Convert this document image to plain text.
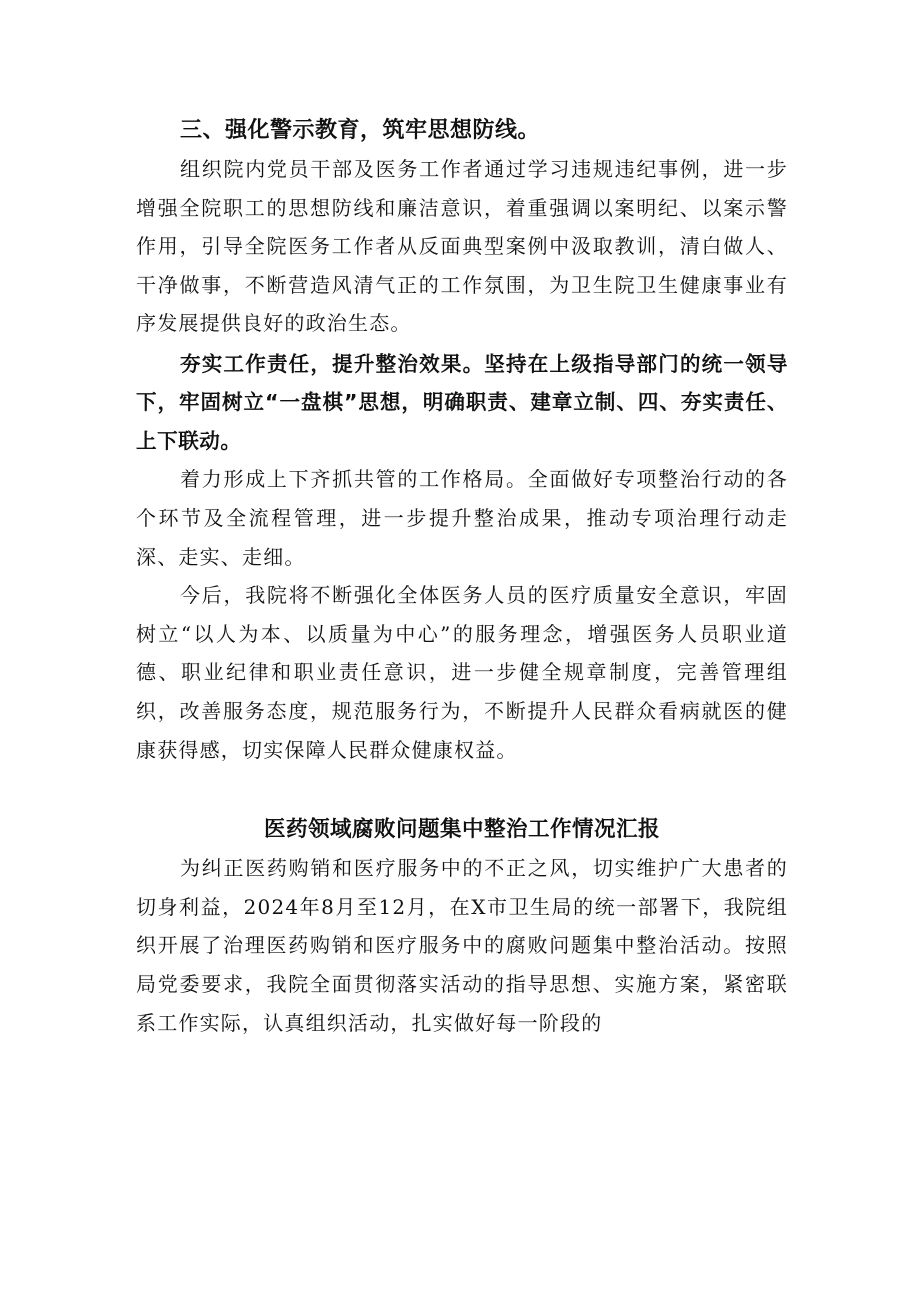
三、强化警示教育，筑牢思想防线。

组织院内党员干部及医务工作者通过学习违规违纪事例，进一步增强全院职工的思想防线和廉洁意识，着重强调以案明纪、以案示警作用，引导全院医务工作者从反面典型案例中汲取教训，清白做人、干净做事，不断营造风清气正的工作氛围，为卫生院卫生健康事业有序发展提供良好的政治生态。

夯实工作责任，提升整治效果。坚持在上级指导部门的统一领导下，牢固树立“一盘棋”思想，明确职责、建章立制、四、夯实责任、上下联动。

着力形成上下齐抓共管的工作格局。全面做好专项整治行动的各个环节及全流程管理，进一步提升整治成果，推动专项治理行动走深、走实、走细。

今后，我院将不断强化全体医务人员的医疗质量安全意识，牢固树立“以人为本、以质量为中心”的服务理念，增强医务人员职业道德、职业纪律和职业责任意识，进一步健全规章制度，完善管理组织，改善服务态度，规范服务行为，不断提升人民群众看病就医的健康获得感，切实保障人民群众健康权益。

医药领域腐败问题集中整治工作情况汇报

为纠正医药购销和医疗服务中的不正之风，切实维护广大患者的切身利益，2024年8月至12月，在X市卫生局的统一部署下，我院组织开展了治理医药购销和医疗服务中的腐败问题集中整治活动。按照局党委要求，我院全面贯彻落实活动的指导思想、实施方案，紧密联系工作实际，认真组织活动，扎实做好每一阶段的
